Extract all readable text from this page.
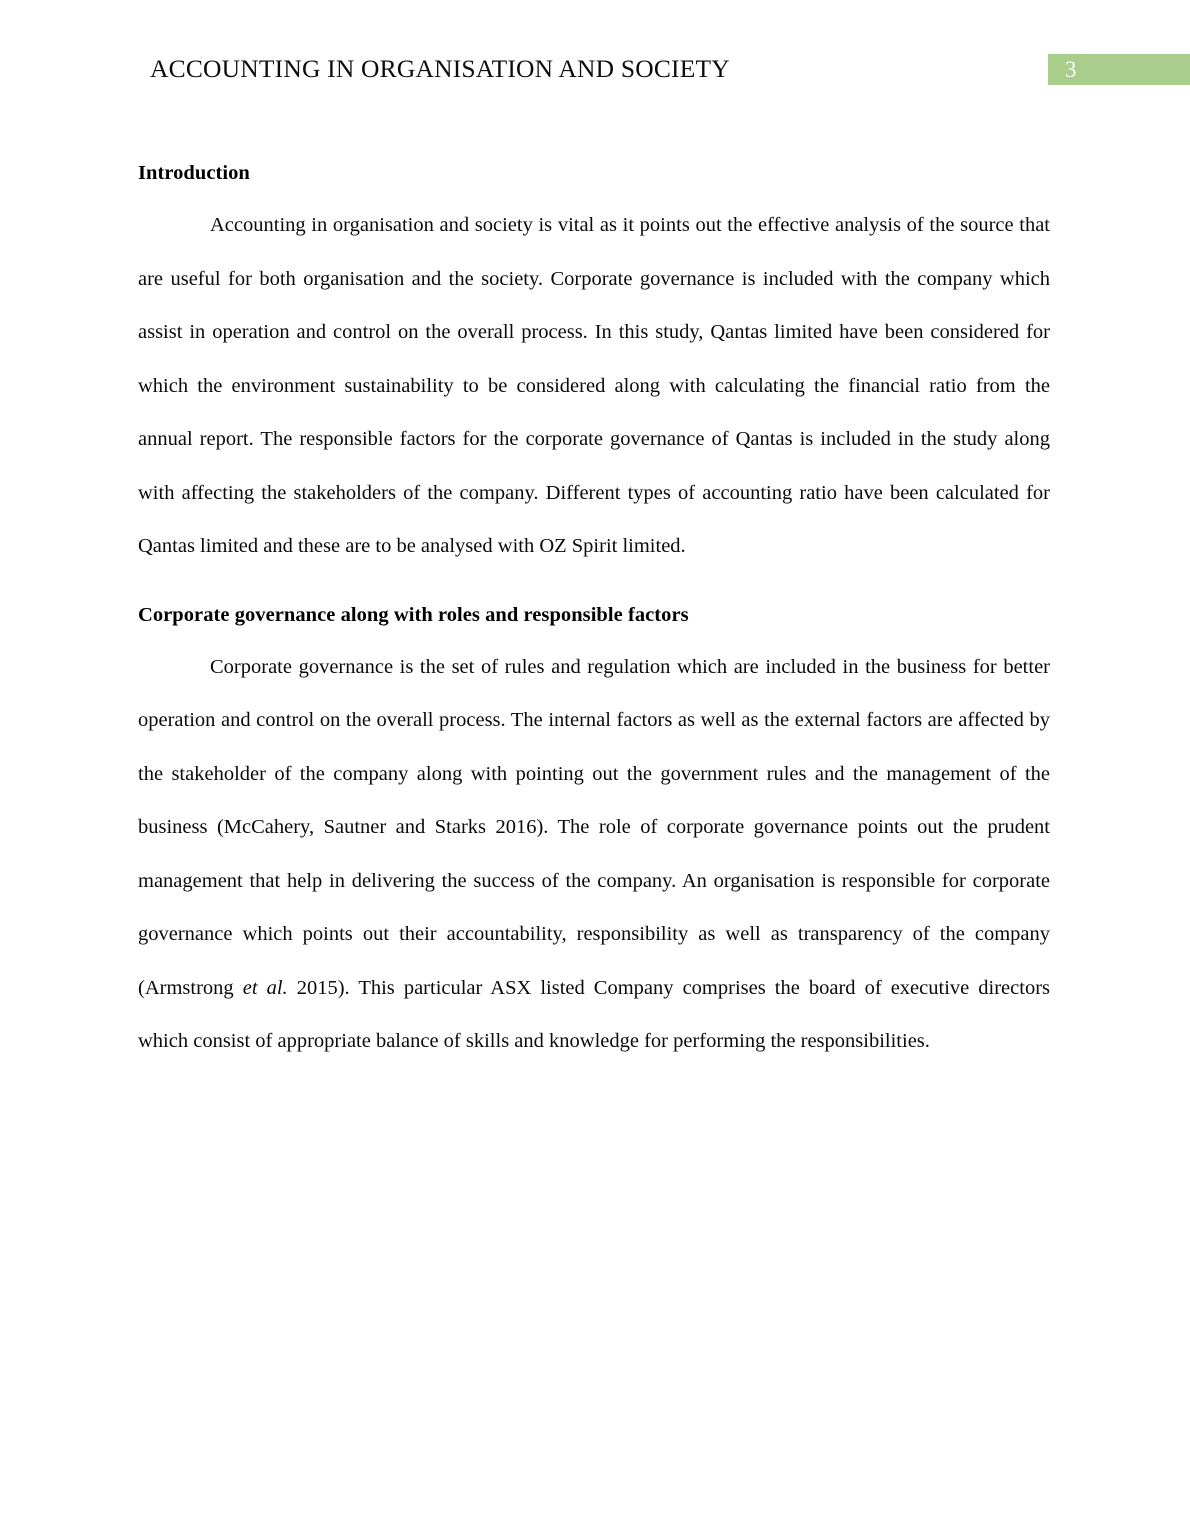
ACCOUNTING IN ORGANISATION AND SOCIETY	3
Introduction

Accounting in organisation and society is vital as it points out the effective analysis of the source that are useful for both organisation and the society. Corporate governance is included with the company which assist in operation and control on the overall process. In this study, Qantas limited have been considered for which the environment sustainability to be considered along with calculating the financial ratio from the annual report. The responsible factors for the corporate governance of Qantas is included in the study along with affecting the stakeholders of the company. Different types of accounting ratio have been calculated for Qantas limited and these are to be analysed with OZ Spirit limited.

Corporate governance along with roles and responsible factors

Corporate governance is the set of rules and regulation which are included in the business for better operation and control on the overall process. The internal factors as well as the external factors are affected by the stakeholder of the company along with pointing out the government rules and the management of the business (McCahery, Sautner and Starks 2016). The role of corporate governance points out the prudent management that help in delivering the success of the company. An organisation is responsible for corporate governance which points out their accountability, responsibility as well as transparency of the company (Armstrong et al. 2015). This particular ASX listed Company comprises the board of executive directors which consist of appropriate balance of skills and knowledge for performing the responsibilities.
